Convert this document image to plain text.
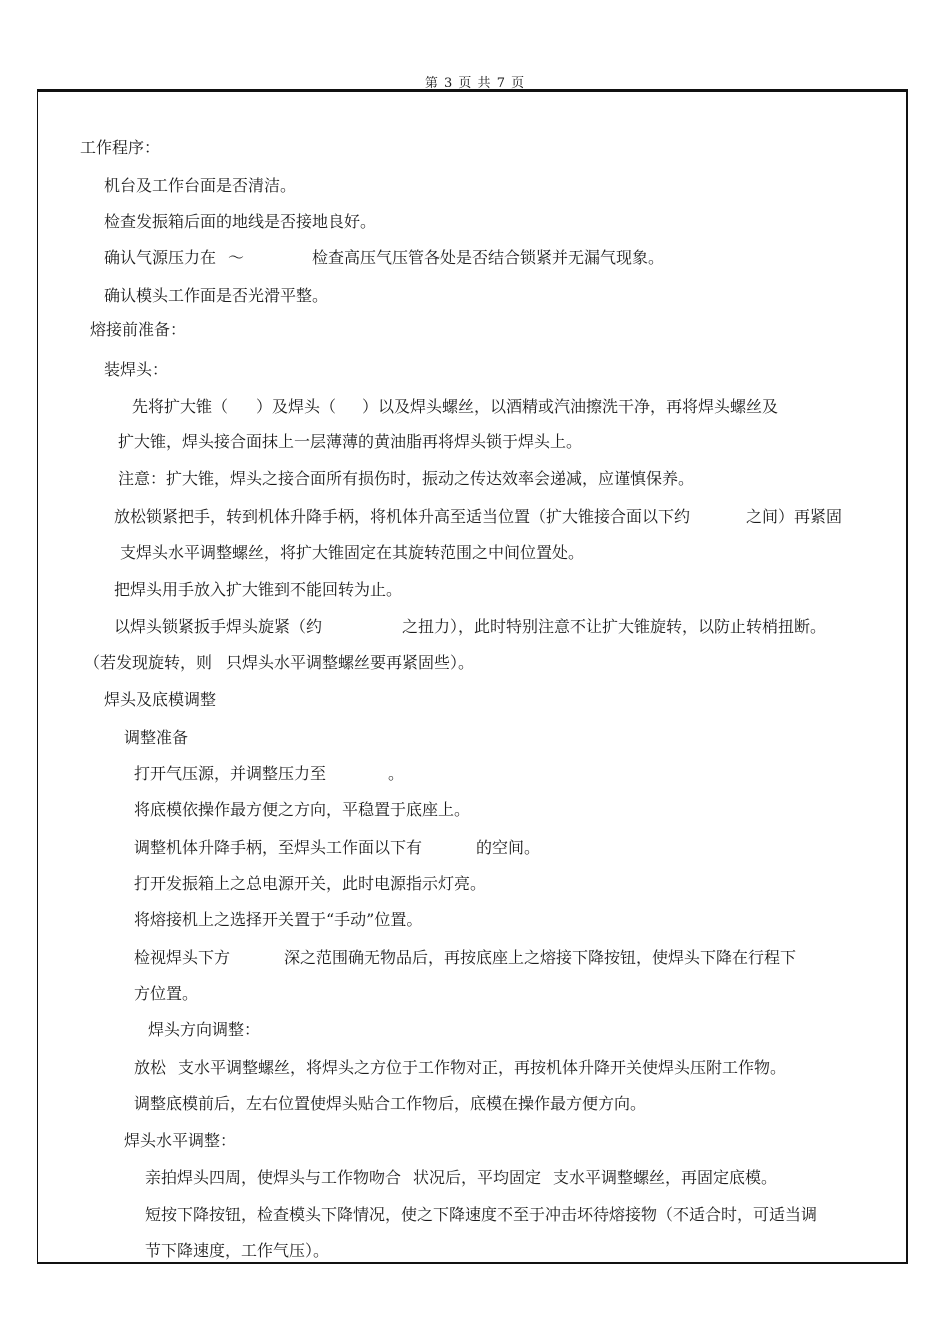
第 3 页 共 7 页
工作程序：
机台及工作台面是否清洁。
检查发振箱后面的地线是否接地良好。
确认气源压力在 ～	检查高压气压管各处是否结合锁紧并无漏气现象。
确认模头工作面是否光滑平整。
熔接前准备：
装焊头：
先将扩大锥（ ）及焊头（ ）以及焊头螺丝，以酒精或汽油擦洗干净，再将焊头螺丝及
扩大锥，焊头接合面抹上一层薄薄的黄油脂再将焊头锁于焊头上。
注意：扩大锥，焊头之接合面所有损伤时，振动之传达效率会递减，应谨慎保养。
放松锁紧把手，转到机体升降手柄，将机体升高至适当位置（扩大锥接合面以下约	之间）再紧固
支焊头水平调整螺丝，将扩大锥固定在其旋转范围之中间位置处。
把焊头用手放入扩大锥到不能回转为止。
以焊头锁紧扳手焊头旋紧（约	之扭力），此时特别注意不让扩大锥旋转，以防止转梢扭断。
（若发现旋转，则 只焊头水平调整螺丝要再紧固些）。
焊头及底模调整
调整准备
打开气压源，并调整压力至	。
将底模依操作最方便之方向，平稳置于底座上。
调整机体升降手柄，至焊头工作面以下有	的空间。
打开发振箱上之总电源开关，此时电源指示灯亮。
将熔接机上之选择开关置于“手动”位置。
检视焊头下方	深之范围确无物品后，再按底座上之熔接下降按钮，使焊头下降在行程下
方位置。
焊头方向调整：
放松 支水平调整螺丝，将焊头之方位于工作物对正，再按机体升降开关使焊头压附工作物。
调整底模前后，左右位置使焊头贴合工作物后，底模在操作最方便方向。
焊头水平调整：
亲拍焊头四周，使焊头与工作物吻合 状况后，平均固定 支水平调整螺丝，再固定底模。
短按下降按钮，检查模头下降情况，使之下降速度不至于冲击坏待熔接物（不适合时，可适当调
节下降速度，工作气压）。
